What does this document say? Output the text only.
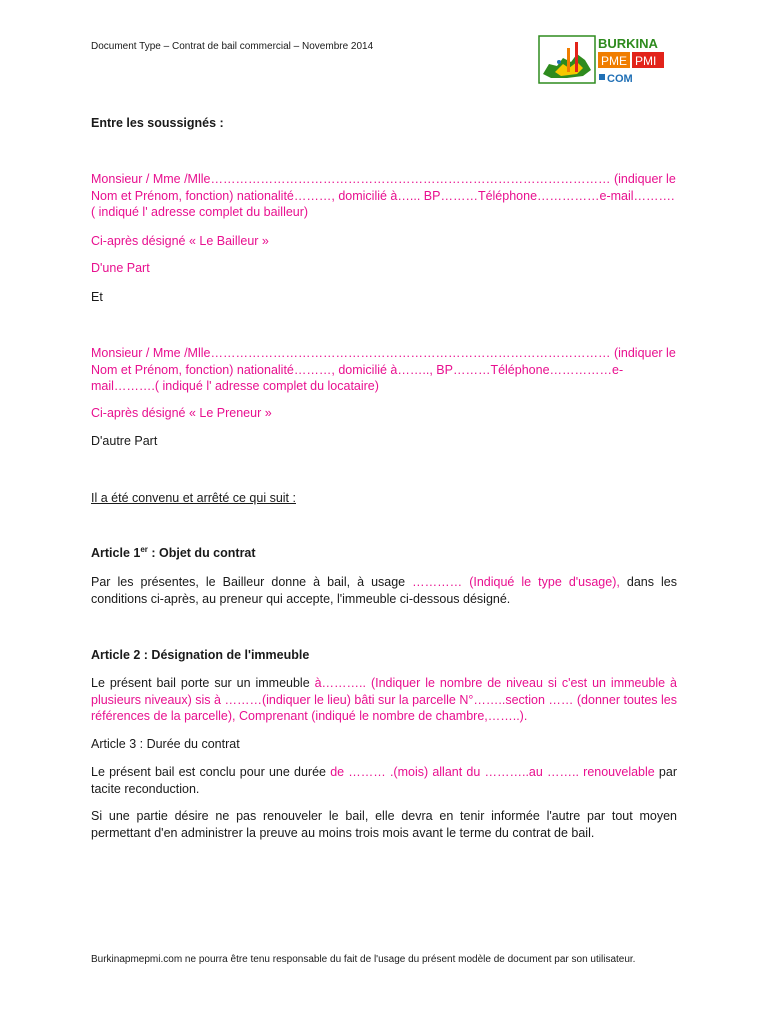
Document Type – Contrat de bail commercial – Novembre 2014	BURKINA
PME PMI
COM

Entre les soussignés :

Monsieur / Mme /Mlle…………………………………………………………………………………… (indiquer le Nom et Prénom, fonction) nationalité………, domicilié à…... BP………Téléphone……………e-mail……….( indiqué l' adresse complet du bailleur)

Ci-après désigné « Le Bailleur »

D'une Part

Et

Monsieur / Mme /Mlle…………………………………………………………………………………… (indiquer le Nom et Prénom, fonction) nationalité………, domicilié à…….., BP………Téléphone……………e-mail……….( indiqué l' adresse complet du locataire)

Ci-après désigné « Le Preneur »

D'autre Part

Il a été convenu et arrêté ce qui suit :

Article 1er : Objet du contrat

Par les présentes, le Bailleur donne à bail, à usage ………… (Indiqué le type d'usage), dans les conditions ci-après, au preneur qui accepte, l'immeuble ci-dessous désigné.

Article 2 : Désignation de l'immeuble

Le présent bail porte sur un immeuble à……….. (Indiquer le nombre de niveau si c'est un immeuble à plusieurs niveaux) sis à ………(indiquer le lieu) bâti sur la parcelle N°……..section …… (donner toutes les références de la parcelle), Comprenant (indiqué le nombre de chambre,……..).

Article 3 : Durée du contrat

Le présent bail est conclu pour une durée de ……… .(mois) allant du ………..au …….. renouvelable par tacite reconduction.

Si une partie désire ne pas renouveler le bail, elle devra en tenir informée l'autre par tout moyen permettant d'en administrer la preuve au moins trois mois avant le terme du contrat de bail.

Burkinapmepmi.com ne pourra être tenu responsable du fait de l'usage du présent modèle de document par son utilisateur.
